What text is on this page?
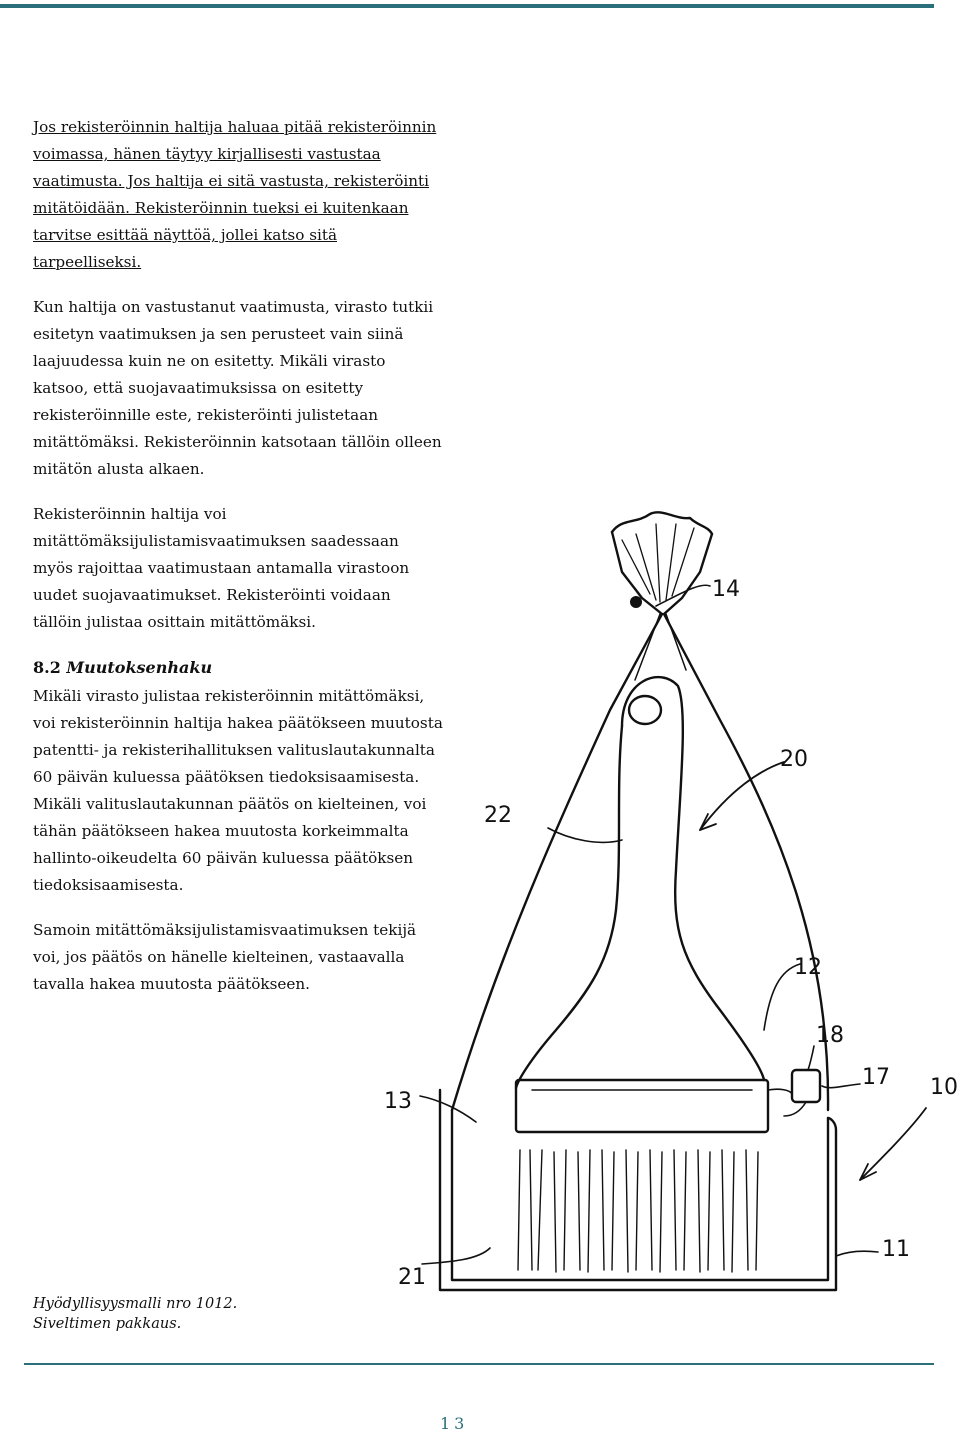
Jos rekisteröinnin haltija haluaa pitää rekisteröinnin voimassa, hänen täytyy kirjallisesti vastustaa vaatimusta. Jos haltija ei sitä vastusta, rekisteröinti mitätöidään. Rekisteröinnin tueksi ei kuitenkaan tarvitse esittää näyttöä, jollei katso sitä tarpeelliseksi.

Kun haltija on vastustanut vaatimusta, virasto tutkii esitetyn vaatimuksen ja sen perusteet vain siinä laajuudessa kuin ne on esitetty. Mikäli virasto katsoo, että suojavaatimuksissa on esitetty rekisteröinnille este, rekisteröinti julistetaan mitättömäksi. Rekisteröinnin katsotaan tällöin olleen mitätön alusta alkaen.

Rekisteröinnin haltija voi mitättömäksijulistamisvaatimuksen saadessaan myös rajoittaa vaatimustaan antamalla virastoon uudet suojavaatimukset. Rekisteröinti voidaan tällöin julistaa osittain mitättömäksi.

8.2 Muutoksenhaku

Mikäli virasto julistaa rekisteröinnin mitättömäksi, voi rekisteröinnin haltija hakea päätökseen muutosta patentti- ja rekisterihallituksen valituslautakunnalta 60 päivän kuluessa päätöksen tiedoksisaamisesta. Mikäli valituslautakunnan päätös on kielteinen, voi tähän päätökseen hakea muutosta korkeimmalta hallinto-oikeudelta 60 päivän kuluessa päätöksen tiedoksisaamisesta.

Samoin mitättömäksijulistamisvaatimuksen tekijä voi, jos päätös on hänelle kielteinen, vastaavalla tavalla hakea muutosta päätökseen.

14
20
22
12
18
17 10
13
11
21
Hyödyllisyysmalli nro 1012.
Siveltimen pakkaus.
13
